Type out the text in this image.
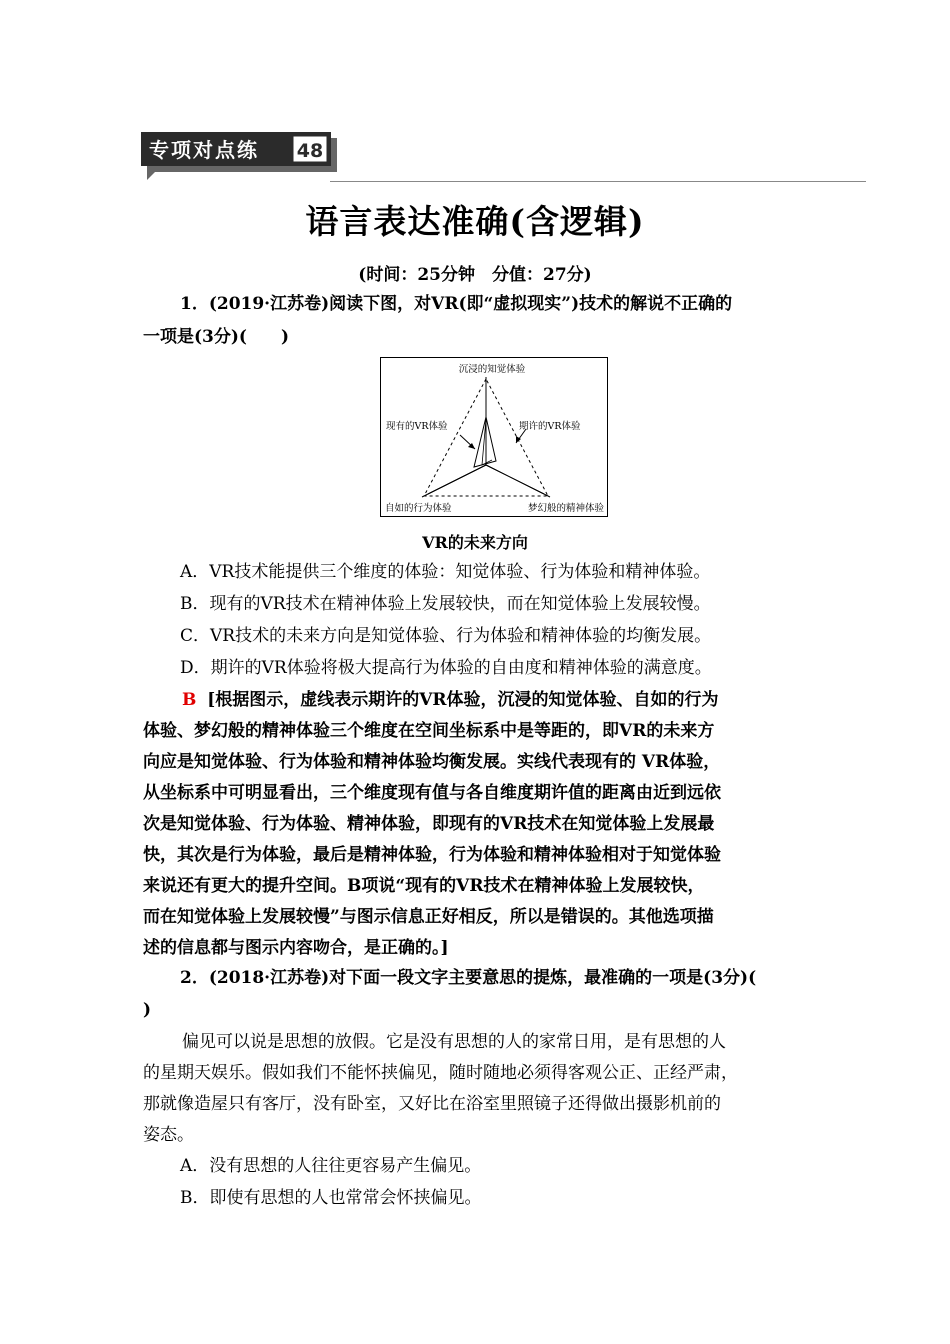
专项对点练 48
语言表达准确(含逻辑)
(时间：25分钟　分值：27分)
1．(2019·江苏卷)阅读下图，对VR(即“虚拟现实”)技术的解说不正确的
一项是(3分)(　　)
沉浸的知觉体验
现有的VR体验	期许的VR体验
自如的行为体验	梦幻般的精神体验
VR的未来方向
A．VR技术能提供三个维度的体验：知觉体验、行为体验和精神体验。
B．现有的VR技术在精神体验上发展较快，而在知觉体验上发展较慢。
C．VR技术的未来方向是知觉体验、行为体验和精神体验的均衡发展。
D．期许的VR体验将极大提高行为体验的自由度和精神体验的满意度。
B [根据图示，虚线表示期许的VR体验，沉浸的知觉体验、自如的行为
体验、梦幻般的精神体验三个维度在空间坐标系中是等距的，即VR的未来方
向应是知觉体验、行为体验和精神体验均衡发展。实线代表现有的 VR体验，
从坐标系中可明显看出，三个维度现有值与各自维度期许值的距离由近到远依
次是知觉体验、行为体验、精神体验，即现有的VR技术在知觉体验上发展最
快，其次是行为体验，最后是精神体验，行为体验和精神体验相对于知觉体验
来说还有更大的提升空间。B项说“现有的VR技术在精神体验上发展较快，
而在知觉体验上发展较慢”与图示信息正好相反，所以是错误的。其他选项描
述的信息都与图示内容吻合，是正确的。]
2．(2018·江苏卷)对下面一段文字主要意思的提炼，最准确的一项是(3分)(
)
偏见可以说是思想的放假。它是没有思想的人的家常日用，是有思想的人
的星期天娱乐。假如我们不能怀挟偏见，随时随地必须得客观公正、正经严肃，
那就像造屋只有客厅，没有卧室，又好比在浴室里照镜子还得做出摄影机前的
姿态。
A．没有思想的人往往更容易产生偏见。
B．即使有思想的人也常常会怀挟偏见。
